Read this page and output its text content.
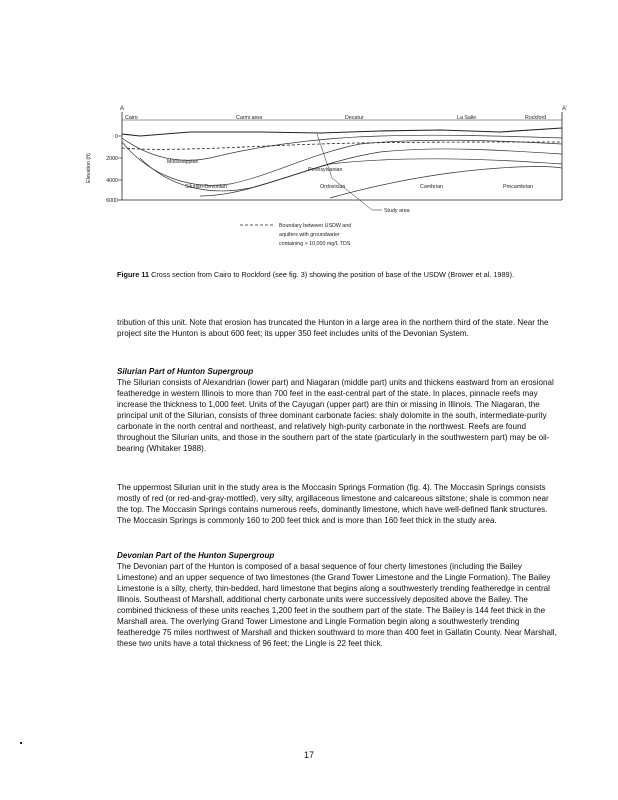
A	A'
Cairo	Carmi area	Decatur	La Salle	Rockford
Elevation (ft)
0
2000
4000
6000
Mississippian
Pennsylvanian
Silurian-Devonian	Ordovician	Cambrian	Precambrian
Study area
Boundary between USDW and
aquifers with groundwater
containing > 10,000 mg/L TDS
Figure 11 Cross section from Cairo to Rockford (see fig. 3) showing the position of base of the USDW (Brower et al. 1989).

tribution of this unit. Note that erosion has truncated the Hunton in a large area in the northern third of the state. Near the project site the Hunton is about 600 feet; its upper 350 feet includes units of the Devonian System.

Silurian Part of Hunton Supergroup

The Silurian consists of Alexandrian (lower part) and Niagaran (middle part) units and thickens eastward from an erosional featheredge in western Illinois to more than 700 feet in the east-central part of the state. In places, pinnacle reefs may increase the thickness to 1,000 feet. Units of the Cayugan (upper part) are thin or missing in Illinois. The Niagaran, the principal unit of the Silurian, consists of three dominant carbonate facies: shaly dolomite in the south, intermediate-purity carbonate in the north central and northeast, and relatively high-purity carbonate in the northwest. Reefs are found throughout the Silurian units, and those in the southern part of the state (particularly in the southwestern part) may be oil-bearing (Whitaker 1988).

The uppermost Silurian unit in the study area is the Moccasin Springs Formation (fig. 4). The Moccasin Springs consists mostly of red (or red-and-gray-mottled), very silty, argillaceous limestone and calcareous siltstone; shale is common near the top. The Moccasin Springs contains numerous reefs, dominantly limestone, which have well-defined flank structures. The Moccasin Springs is commonly 160 to 200 feet thick and is more than 160 feet thick in the study area.

Devonian Part of the Hunton Supergroup

The Devonian part of the Hunton is composed of a basal sequence of four cherty limestones (including the Bailey Limestone) and an upper sequence of two limestones (the Grand Tower Limestone and the Lingle Formation). The Bailey Limestone is a silty, cherty, thin-bedded, hard limestone that begins along a southwesterly trending featheredge in central Illinois. Southeast of Marshall, additional cherty carbonate units were successively deposited above the Bailey. The combined thickness of these units reaches 1,200 feet in the southern part of the state. The Bailey is 144 feet thick in the Marshall area. The overlying Grand Tower Limestone and Lingle Formation begin along a southwesterly trending featheredge 75 miles northwest of Marshall and thicken southward to more than 400 feet in Gallatin County. Near Marshall, these two units have a total thickness of 96 feet; the Lingle is 22 feet thick.

17
